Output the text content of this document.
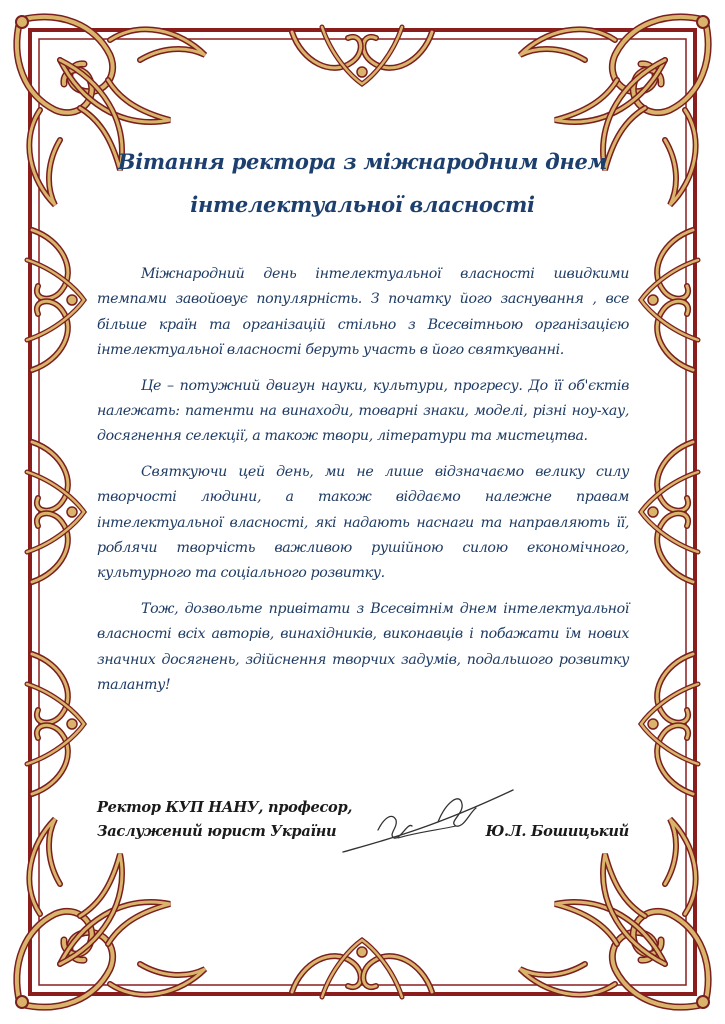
Вітання ректора з міжнародним днем
інтелектуальної власності

Міжнародний день інтелектуальної власності швидкими темпами завойовує популярність. З початку його заснування , все більше країн та організацій стільно з Всесвітньою організацією інтелектуальної власності беруть участь в його святкуванні.

Це – потужний двигун науки, культури, прогресу. До її об'єктів належать: патенти на винаходи, товарні знаки, моделі, різні ноу-хау, досягнення селекції, а також твори, літератури та мистецтва.

Святкуючи цей день, ми не лише відзначаємо велику силу творчості людини, а також віддаємо належне правам інтелектуальної власності, які надають наснаги та направляють її, роблячи творчість важливою рушійною силою економічного, культурного та соціального розвитку.

Тож, дозвольте привітати з Всесвітнім днем інтелектуальної власності всіх авторів, винахідників, виконавців і побажати їм нових значних досягнень, здійснення творчих задумів, подальшого розвитку таланту!

Ректор КУП НАНУ, професор,
Заслужений юрист України	Ю.Л. Бошицький
